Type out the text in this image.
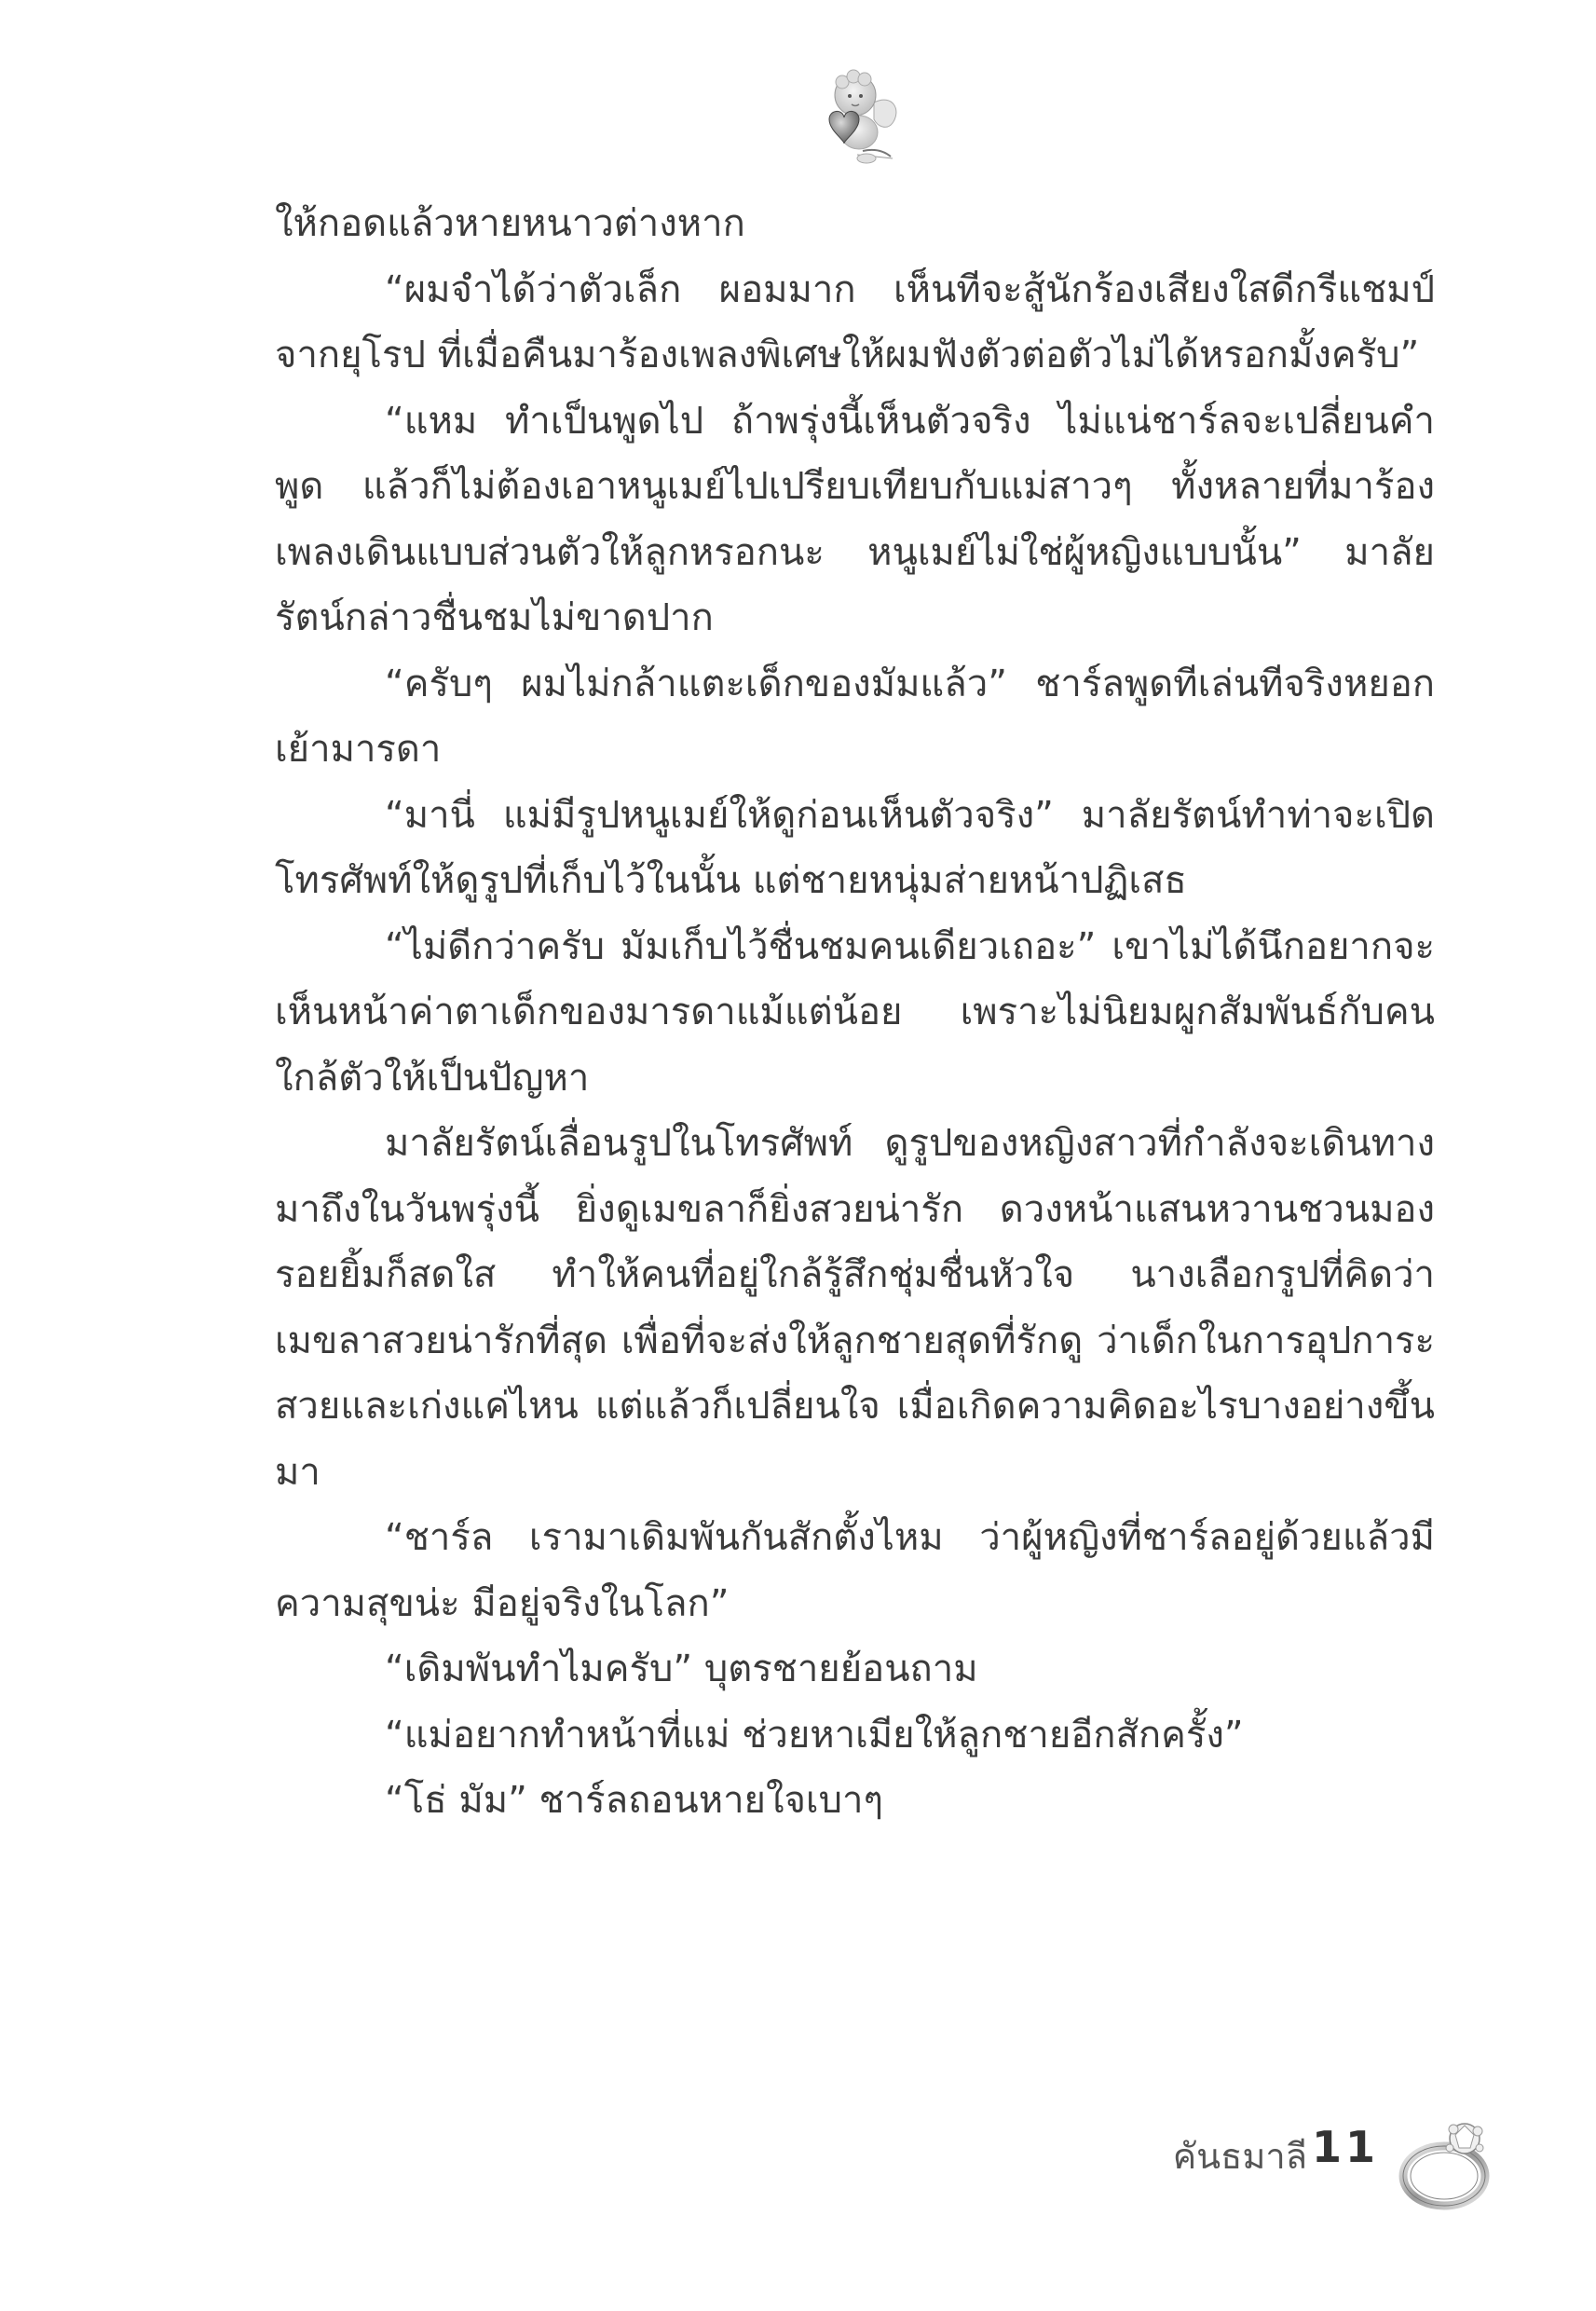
ให้กอดแล้วหายหนาวต่างหาก

“ผมจำได้ว่าตัวเล็ก ผอมมาก เห็นทีจะสู้นักร้องเสียงใสดีกรีแชมป์จากยุโรป ที่เมื่อคืนมาร้องเพลงพิเศษให้ผมฟังตัวต่อตัวไม่ได้หรอกมั้งครับ”

“แหม ทำเป็นพูดไป ถ้าพรุ่งนี้เห็นตัวจริง ไม่แน่ชาร์ลจะเปลี่ยนคำพูด แล้วก็ไม่ต้องเอาหนูเมย์ไปเปรียบเทียบกับแม่สาวๆ ทั้งหลายที่มาร้องเพลงเดินแบบส่วนตัวให้ลูกหรอกนะ หนูเมย์ไม่ใช่ผู้หญิงแบบนั้น” มาลัยรัตน์กล่าวชื่นชมไม่ขาดปาก

“ครับๆ ผมไม่กล้าแตะเด็กของมัมแล้ว” ชาร์ลพูดทีเล่นทีจริงหยอกเย้ามารดา

“มานี่ แม่มีรูปหนูเมย์ให้ดูก่อนเห็นตัวจริง” มาลัยรัตน์ทำท่าจะเปิดโทรศัพท์ให้ดูรูปที่เก็บไว้ในนั้น แต่ชายหนุ่มส่ายหน้าปฏิเสธ

“ไม่ดีกว่าครับ มัมเก็บไว้ชื่นชมคนเดียวเถอะ” เขาไม่ได้นึกอยากจะเห็นหน้าค่าตาเด็กของมารดาแม้แต่น้อย เพราะไม่นิยมผูกสัมพันธ์กับคนใกล้ตัวให้เป็นปัญหา

มาลัยรัตน์เลื่อนรูปในโทรศัพท์ ดูรูปของหญิงสาวที่กำลังจะเดินทางมาถึงในวันพรุ่งนี้ ยิ่งดูเมขลาก็ยิ่งสวยน่ารัก ดวงหน้าแสนหวานชวนมอง รอยยิ้มก็สดใส ทำให้คนที่อยู่ใกล้รู้สึกชุ่มชื่นหัวใจ นางเลือกรูปที่คิดว่าเมขลาสวยน่ารักที่สุด เพื่อที่จะส่งให้ลูกชายสุดที่รักดู ว่าเด็กในการอุปการะสวยและเก่งแค่ไหน แต่แล้วก็เปลี่ยนใจ เมื่อเกิดความคิดอะไรบางอย่างขึ้นมา

“ชาร์ล เรามาเดิมพันกันสักตั้งไหม ว่าผู้หญิงที่ชาร์ลอยู่ด้วยแล้วมีความสุขน่ะ มีอยู่จริงในโลก”

“เดิมพันทำไมครับ” บุตรชายย้อนถาม

“แม่อยากทำหน้าที่แม่ ช่วยหาเมียให้ลูกชายอีกสักครั้ง”

“โธ่ มัม” ชาร์ลถอนหายใจเบาๆ

คันธมาลี 11
